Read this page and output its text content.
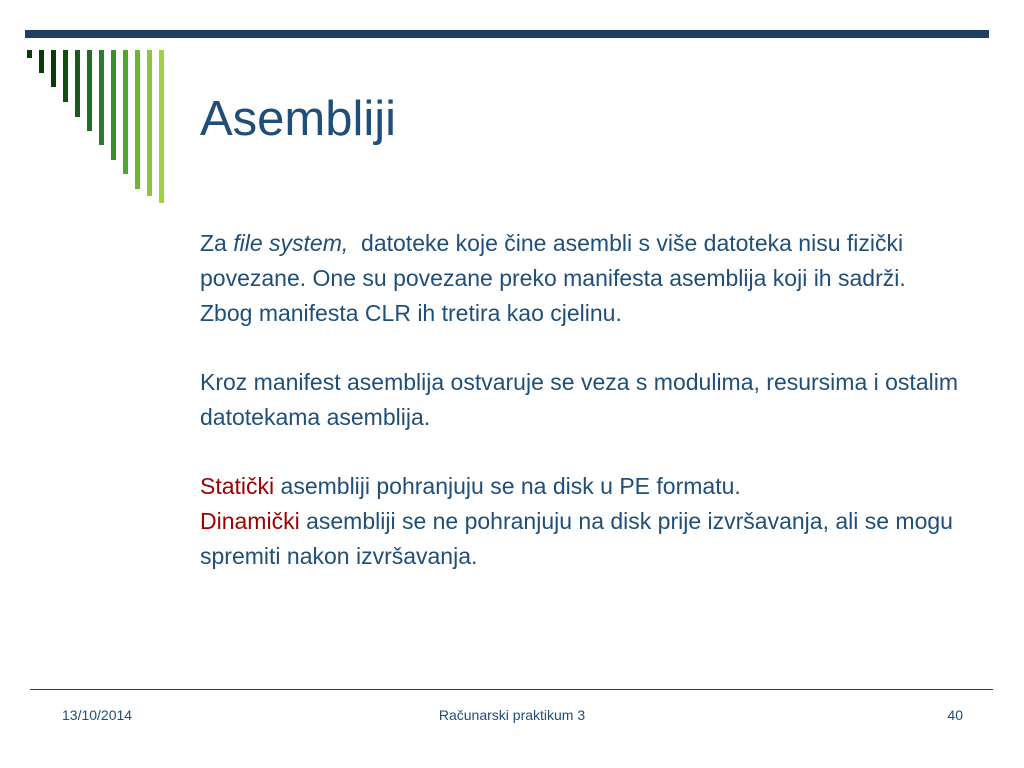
Asembliji

Za file system,  datoteke koje čine asembli s više datoteka nisu fizički povezane. One su povezane preko manifesta asemblija koji ih sadrži. Zbog manifesta CLR ih tretira kao cjelinu.

Kroz manifest asemblija ostvaruje se veza s modulima, resursima i ostalim datotekama asemblija.

Statički asembliji pohranjuju se na disk u PE formatu.
Dinamički asembliji se ne pohranjuju na disk prije izvršavanja, ali se mogu spremiti nakon izvršavanja.

13/10/2014	Računarski praktikum 3	40
